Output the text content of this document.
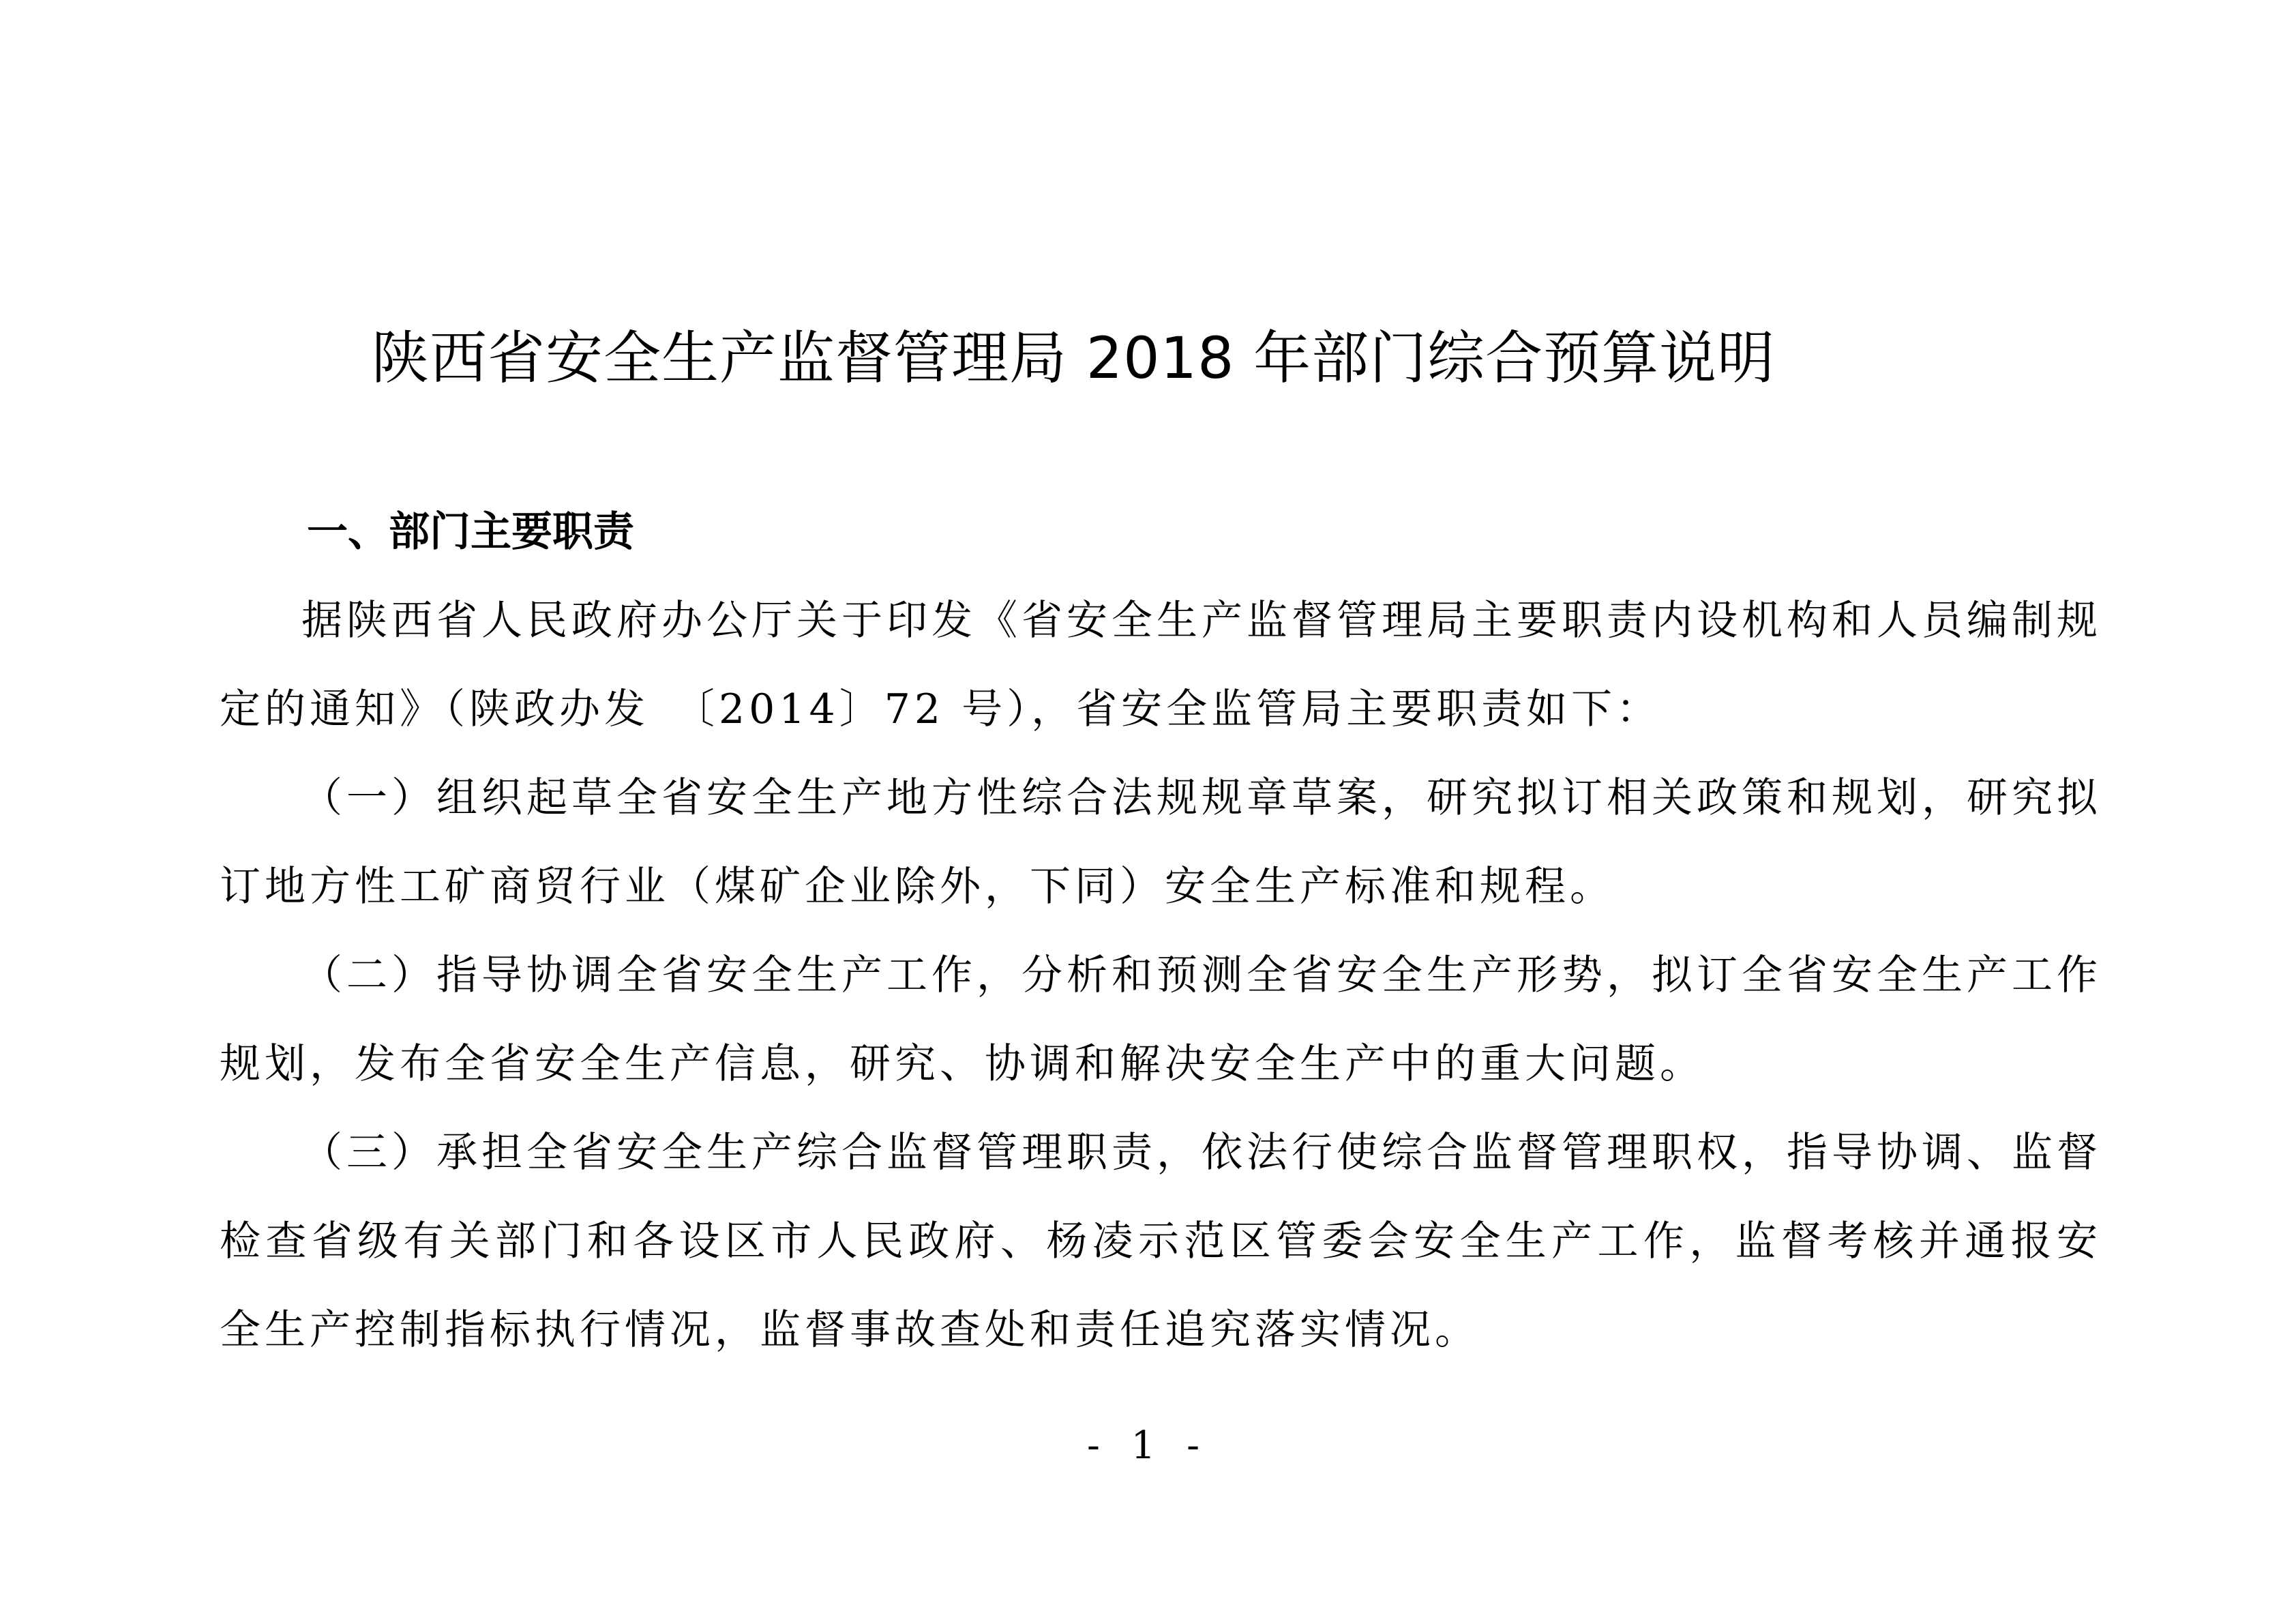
陕西省安全生产监督管理局 2018 年部门综合预算说明
一、部门主要职责

据陕西省人民政府办公厅关于印发《省安全生产监督管理局主要职责内设机构和人员编制规定的通知》（陕政办发　〔2014〕72 号），省安全监管局主要职责如下：

（一）组织起草全省安全生产地方性综合法规规章草案，研究拟订相关政策和规划，研究拟订地方性工矿商贸行业（煤矿企业除外，下同）安全生产标准和规程。

（二）指导协调全省安全生产工作，分析和预测全省安全生产形势，拟订全省安全生产工作规划，发布全省安全生产信息，研究、协调和解决安全生产中的重大问题。

（三）承担全省安全生产综合监督管理职责，依法行使综合监督管理职权，指导协调、监督检查省级有关部门和各设区市人民政府、杨凌示范区管委会安全生产工作，监督考核并通报安全生产控制指标执行情况，监督事故查处和责任追究落实情况。

- 1 -
